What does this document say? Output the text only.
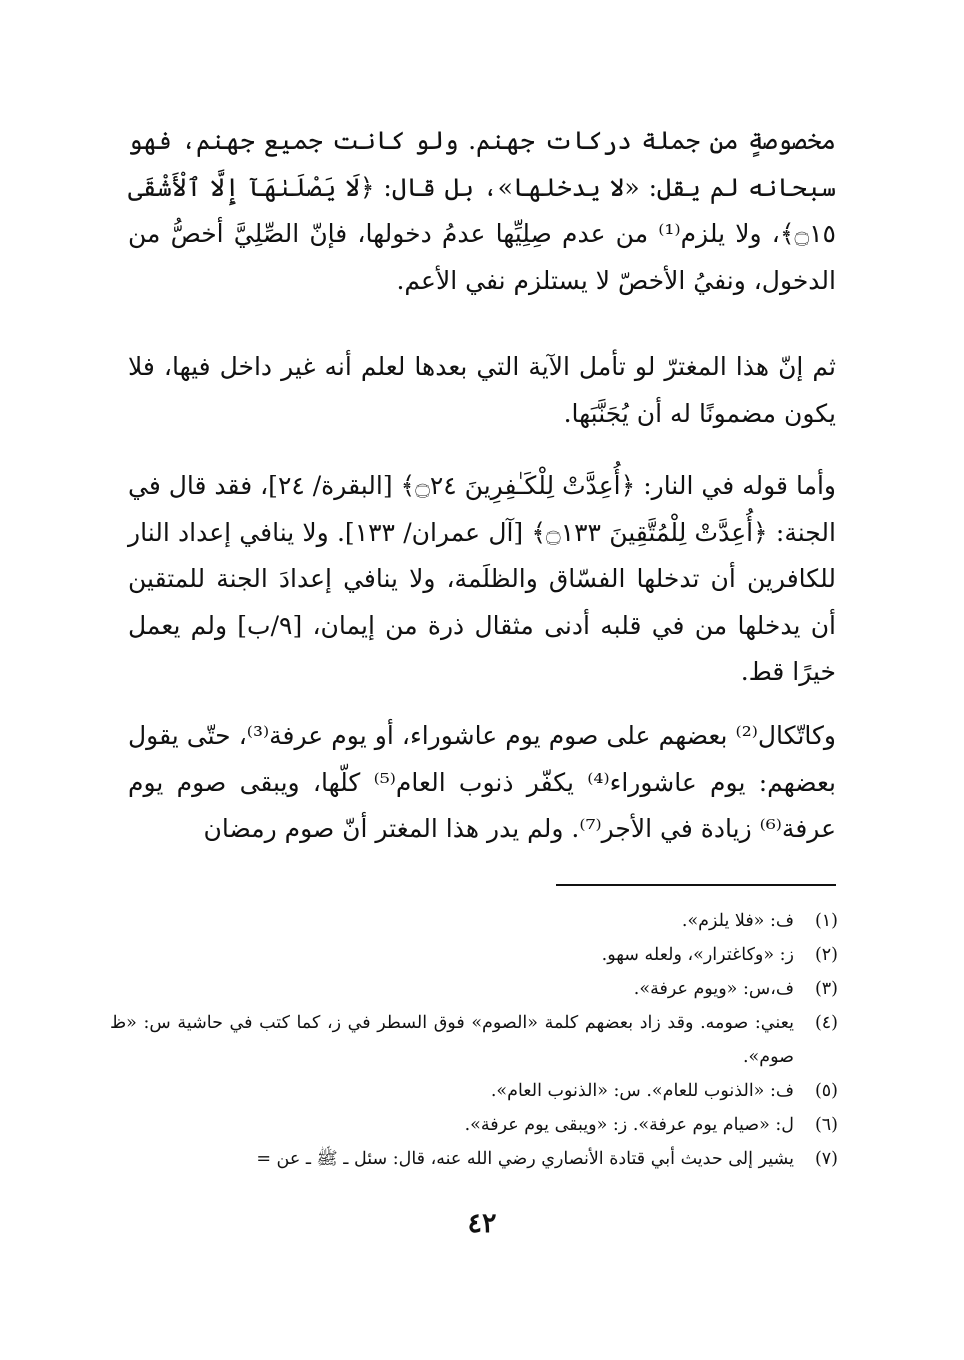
مخصوصةٍ من جملة دركات جهنم. ولو كانت جميع جهنم، فهو سبحانه لم يقل: «لا يدخلها»، بل قال: ﴿لَا يَصْلَىٰهَآ إِلَّا ٱلْأَشْقَى ۝١٥﴾، ولا يلزم⁽¹⁾ من عدم صِلِيِّها عدمُ دخولها، فإنّ الصِّلِيَّ أخصُّ من الدخول، ونفيُ الأخصّ لا يستلزم نفي الأعم.

ثم إنّ هذا المغترّ لو تأمل الآية التي بعدها لعلم أنه غير داخل فيها، فلا يكون مضمونًا له أن يُجَنَّبَها.

وأما قوله في النار: ﴿أُعِدَّتْ لِلْكَـٰفِرِينَ ۝٢٤﴾ [البقرة/ ٢٤]، فقد قال في الجنة: ﴿أُعِدَّتْ لِلْمُتَّقِينَ ۝١٣٣﴾ [آل عمران/ ١٣٣]. ولا ينافي إعداد النار للكافرين أن تدخلها الفسّاق والظلَمة، ولا ينافي إعدادَ الجنة للمتقين أن يدخلها من في قلبه أدنى مثقال ذرة من إيمان، [٩/ب] ولم يعمل خيرًا قط.

وكاتّكال⁽²⁾ بعضهم على صوم يوم عاشوراء، أو يوم عرفة⁽³⁾، حتّى يقول بعضهم: يوم عاشوراء⁽⁴⁾ يكفّر ذنوب العام⁽⁵⁾ كلّها، ويبقى صوم يوم عرفة⁽⁶⁾ زيادة في الأجر⁽⁷⁾. ولم يدر هذا المغتر أنّ صوم رمضان

(١)
ف: «فلا يلزم».
(٢)
ز: «وكاغترار»، ولعله سهو.
(٣)
ف،س: «ويوم عرفة».
(٤)
يعني: صومه. وقد زاد بعضهم كلمة «الصوم» فوق السطر في ز، كما كتب في حاشية س: «ظ صوم».
(٥)
ف: «الذنوب للعام». س: «الذنوب العام».
(٦)
ل: «صيام يوم عرفة». ز: «ويبقى يوم عرفة».
(٧)
يشير إلى حديث أبي قتادة الأنصاري رضي الله عنه، قال: سئل ـ ﷺ ـ عن =
٤٢
